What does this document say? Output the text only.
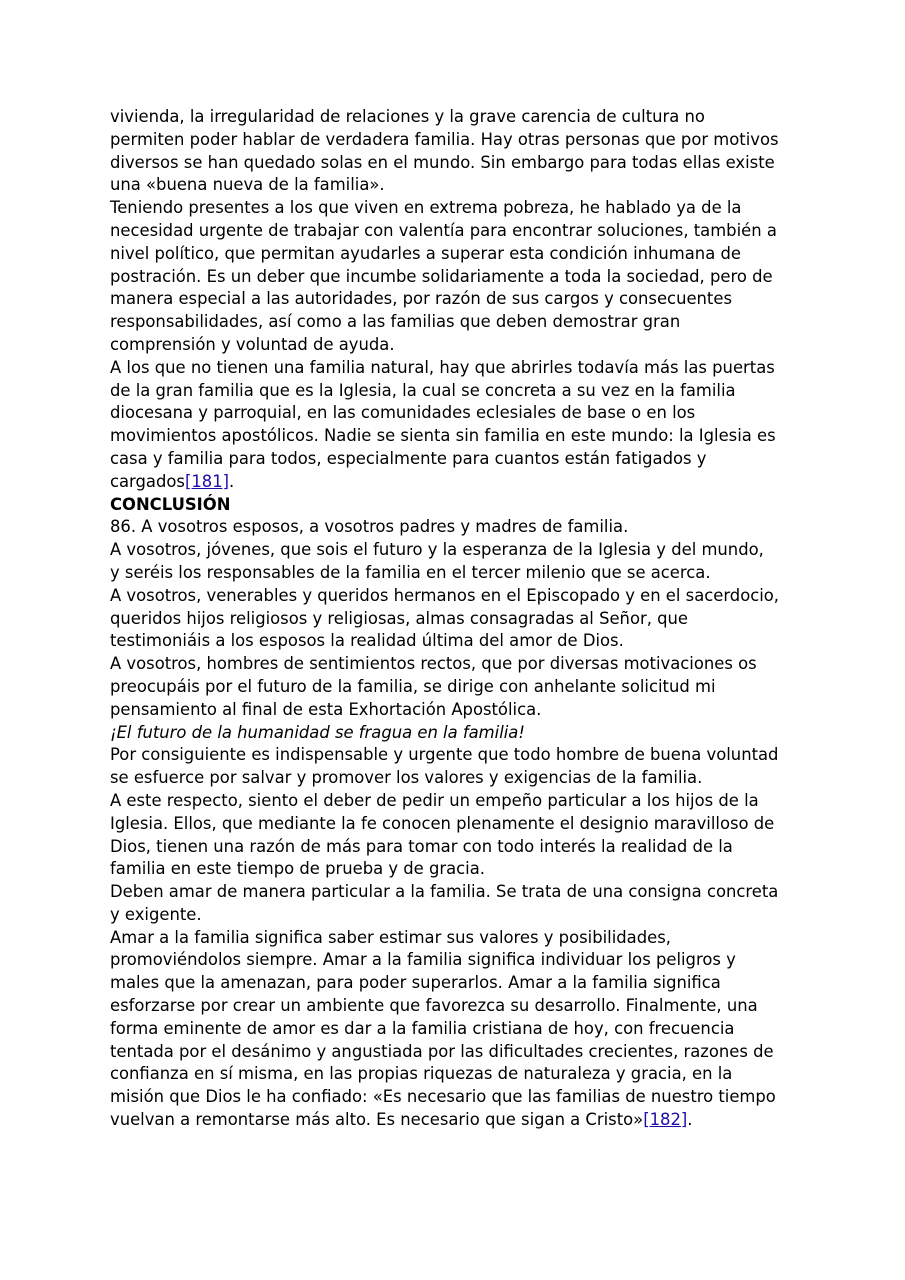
vivienda, la irregularidad de relaciones y la grave carencia de cultura no
permiten poder hablar de verdadera familia. Hay otras personas que por motivos
diversos se han quedado solas en el mundo. Sin embargo para todas ellas existe
una «buena nueva de la familia».
Teniendo presentes a los que viven en extrema pobreza, he hablado ya de la
necesidad urgente de trabajar con valentía para encontrar soluciones, también a
nivel político, que permitan ayudarles a superar esta condición inhumana de
postración. Es un deber que incumbe solidariamente a toda la sociedad, pero de
manera especial a las autoridades, por razón de sus cargos y consecuentes
responsabilidades, así como a las familias que deben demostrar gran
comprensión y voluntad de ayuda.
A los que no tienen una familia natural, hay que abrirles todavía más las puertas
de la gran familia que es la Iglesia, la cual se concreta a su vez en la familia
diocesana y parroquial, en las comunidades eclesiales de base o en los
movimientos apostólicos. Nadie se sienta sin familia en este mundo: la Iglesia es
casa y familia para todos, especialmente para cuantos están fatigados y
cargados[181].
CONCLUSIÓN
86. A vosotros esposos, a vosotros padres y madres de familia.
A vosotros, jóvenes, que sois el futuro y la esperanza de la Iglesia y del mundo,
y seréis los responsables de la familia en el tercer milenio que se acerca.
A vosotros, venerables y queridos hermanos en el Episcopado y en el sacerdocio,
queridos hijos religiosos y religiosas, almas consagradas al Señor, que
testimoniáis a los esposos la realidad última del amor de Dios.
A vosotros, hombres de sentimientos rectos, que por diversas motivaciones os
preocupáis por el futuro de la familia, se dirige con anhelante solicitud mi
pensamiento al final de esta Exhortación Apostólica.
¡El futuro de la humanidad se fragua en la familia!
Por consiguiente es indispensable y urgente que todo hombre de buena voluntad
se esfuerce por salvar y promover los valores y exigencias de la familia.
A este respecto, siento el deber de pedir un empeño particular a los hijos de la
Iglesia. Ellos, que mediante la fe conocen plenamente el designio maravilloso de
Dios, tienen una razón de más para tomar con todo interés la realidad de la
familia en este tiempo de prueba y de gracia.
Deben amar de manera particular a la familia. Se trata de una consigna concreta
y exigente.
Amar a la familia significa saber estimar sus valores y posibilidades,
promoviéndolos siempre. Amar a la familia significa individuar los peligros y
males que la amenazan, para poder superarlos. Amar a la familia significa
esforzarse por crear un ambiente que favorezca su desarrollo. Finalmente, una
forma eminente de amor es dar a la familia cristiana de hoy, con frecuencia
tentada por el desánimo y angustiada por las dificultades crecientes, razones de
confianza en sí misma, en las propias riquezas de naturaleza y gracia, en la
misión que Dios le ha confiado: «Es necesario que las familias de nuestro tiempo
vuelvan a remontarse más alto. Es necesario que sigan a Cristo»[182].
